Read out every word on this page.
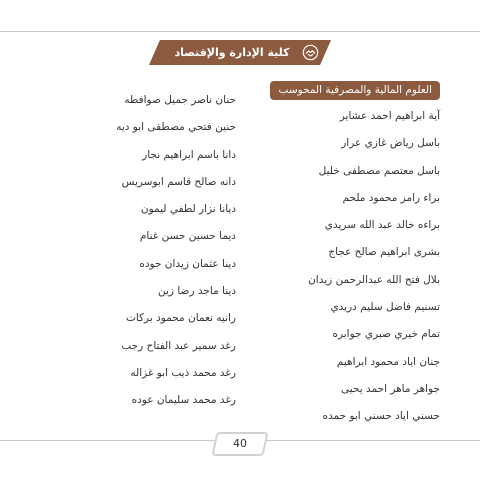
كلية الإدارة والإقتصاد
العلوم المالية والمصرفية المحوسب
آية ابراهيم احمد عشاير
باسل رياض غازي عرار
باسل معتصم مصطفى خليل
براء رامز محمود ملحم
براءه خالد عبد الله سريدي
بشرى ابراهيم صالح عجاج
بلال فتح الله عبدالرحمن زيدان
تسنيم فاضل سليم دريدي
تمام خيري صبري جوابره
جنان اياد محمود ابراهيم
جواهر ماهر احمد يحيى
حسني اياد حسني ابو حمده
حنان ناصر جميل صوافطه
حنين فتحي مصطفى ابو ديه
دانا باسم ابراهيم نجار
دانه صالح قاسم ابوسريس
ديانا نزار لطفي ليمون
ديما حسين حسن غنام
دينا عثمان زيدان جوده
دينا ماجد رضا زين
رانيه نعمان محمود بركات
رغد سمير عبد الفتاح رجب
رغد محمد ذيب ابو غزاله
رغد محمد سليمان عوده
40
